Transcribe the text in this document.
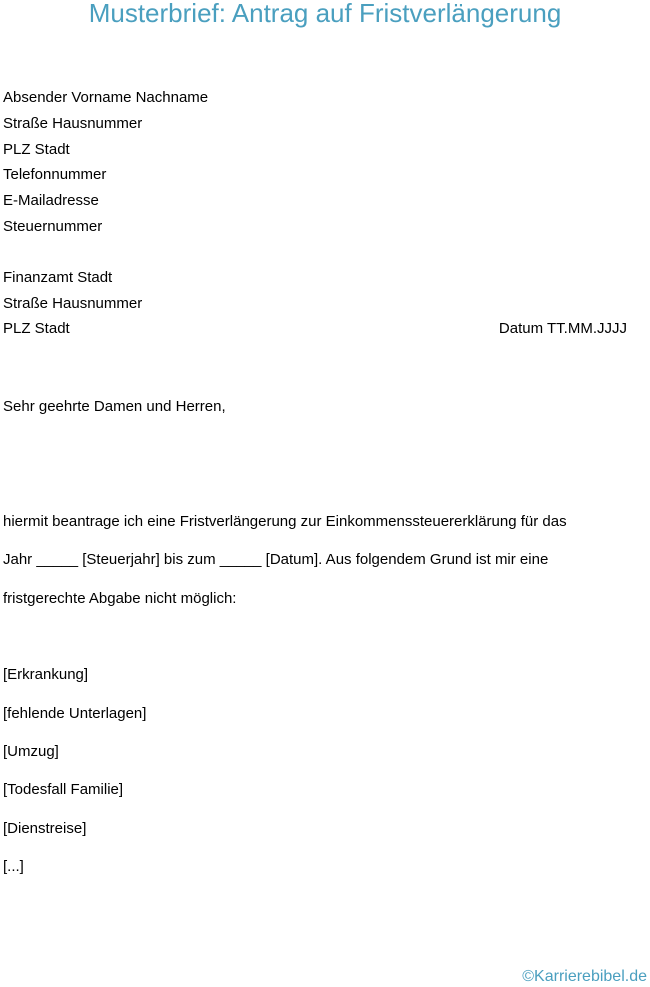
Musterbrief: Antrag auf Fristverlängerung
Absender Vorname Nachname
Straße Hausnummer
PLZ Stadt
Telefonnummer
E-Mailadresse
Steuernummer
Finanzamt Stadt
Straße Hausnummer
PLZ Stadt	Datum TT.MM.JJJJ
Sehr geehrte Damen und Herren,
hiermit beantrage ich eine Fristverlängerung zur Einkommenssteuererklärung für das
Jahr _____ [Steuerjahr] bis zum _____ [Datum]. Aus folgendem Grund ist mir eine
fristgerechte Abgabe nicht möglich:
[Erkrankung]
[fehlende Unterlagen]
[Umzug]
[Todesfall Familie]
[Dienstreise]
[...]
©Karrierebibel.de
